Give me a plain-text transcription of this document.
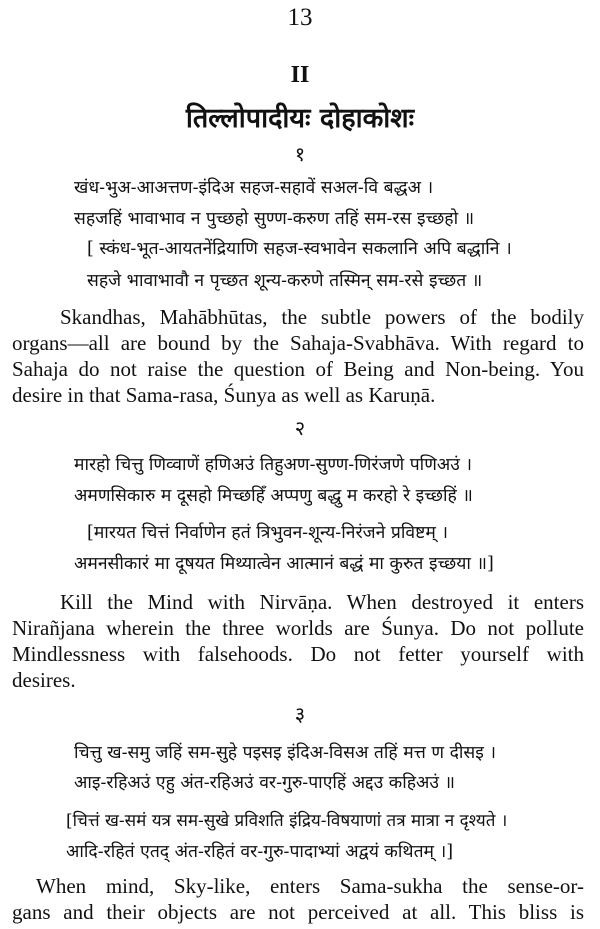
13
II
तिल्लोपादीयः दोहाकोशः
१
खंध-भुअ-आअत्तण-इंदिअ सहज-सहावें सअल-वि बद्धअ ।
सहजहिं भावाभाव न पुच्छहो सुण्ण-करुण तहिं सम-रस इच्छहो ॥
[ स्कंध-भूत-आयतनेंद्रियाणि सहज-स्वभावेन सकलानि अपि बद्धानि ।
सहजे भावाभावौ न पृच्छत शून्य-करुणे तस्मिन् सम-रसे इच्छत ॥
Skandhas, Mahābhūtas, the subtle powers of the bodily
organs—all are bound by the Sahaja-Svabhāva. With regard to
Sahaja do not raise the question of Being and Non-being. You
desire in that Sama-rasa, Śunya as well as Karuṇā.
२
मारहो चित्तु णिव्वाणें हणिअउं तिहुअण-सुण्ण-णिरंजणे पणिअउं ।
अमणसिकारु म दूसहो मिच्छहिँ अप्पणु बद्धु म करहो रे इच्छहिं ॥
[मारयत चित्तं निर्वाणेन हतं त्रिभुवन-शून्य-निरंजने प्रविष्टम् ।
अमनसीकारं मा दूषयत मिथ्यात्वेन आत्मानं बद्धं मा कुरुत इच्छया ॥]
Kill the Mind with Nirvāṇa. When destroyed it enters
Nirañjana wherein the three worlds are Śunya. Do not pollute
Mindlessness with falsehoods. Do not fetter yourself with
desires.
३
चित्तु ख-समु जहिं सम-सुहे पइसइ इंदिअ-विसअ तहिं मत्त ण दीसइ ।
आइ-रहिअउं एहु अंत-रहिअउं वर-गुरु-पाएहिं अद्दउ कहिअउं ॥
[चित्तं ख-समं यत्र सम-सुखे प्रविशति इंद्रिय-विषयाणां तत्र मात्रा न दृश्यते ।
आदि-रहितं एतद् अंत-रहितं वर-गुरु-पादाभ्यां अद्वयं कथितम् ।]
When mind, Sky-like, enters Sama-sukha the sense-or-
gans and their objects are not perceived at all. This bliss is
